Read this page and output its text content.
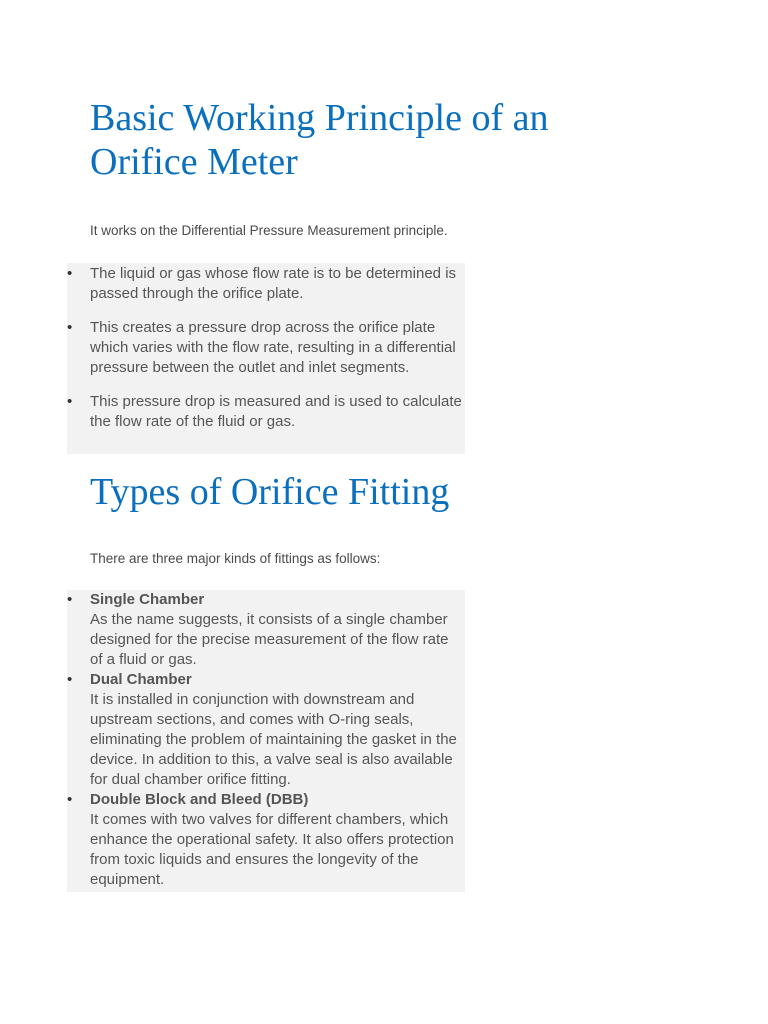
Basic Working Principle of an Orifice Meter

It works on the Differential Pressure Measurement principle.

• The liquid or gas whose flow rate is to be determined is passed through the orifice plate.
• This creates a pressure drop across the orifice plate which varies with the flow rate, resulting in a differential pressure between the outlet and inlet segments.
• This pressure drop is measured and is used to calculate the flow rate of the fluid or gas.
Types of Orifice Fitting

There are three major kinds of fittings as follows:

• Single Chamber
As the name suggests, it consists of a single chamber designed for the precise measurement of the flow rate of a fluid or gas.
• Dual Chamber
It is installed in conjunction with downstream and upstream sections, and comes with O-ring seals, eliminating the problem of maintaining the gasket in the device. In addition to this, a valve seal is also available for dual chamber orifice fitting.
• Double Block and Bleed (DBB)
It comes with two valves for different chambers, which enhance the operational safety. It also offers protection from toxic liquids and ensures the longevity of the equipment.
